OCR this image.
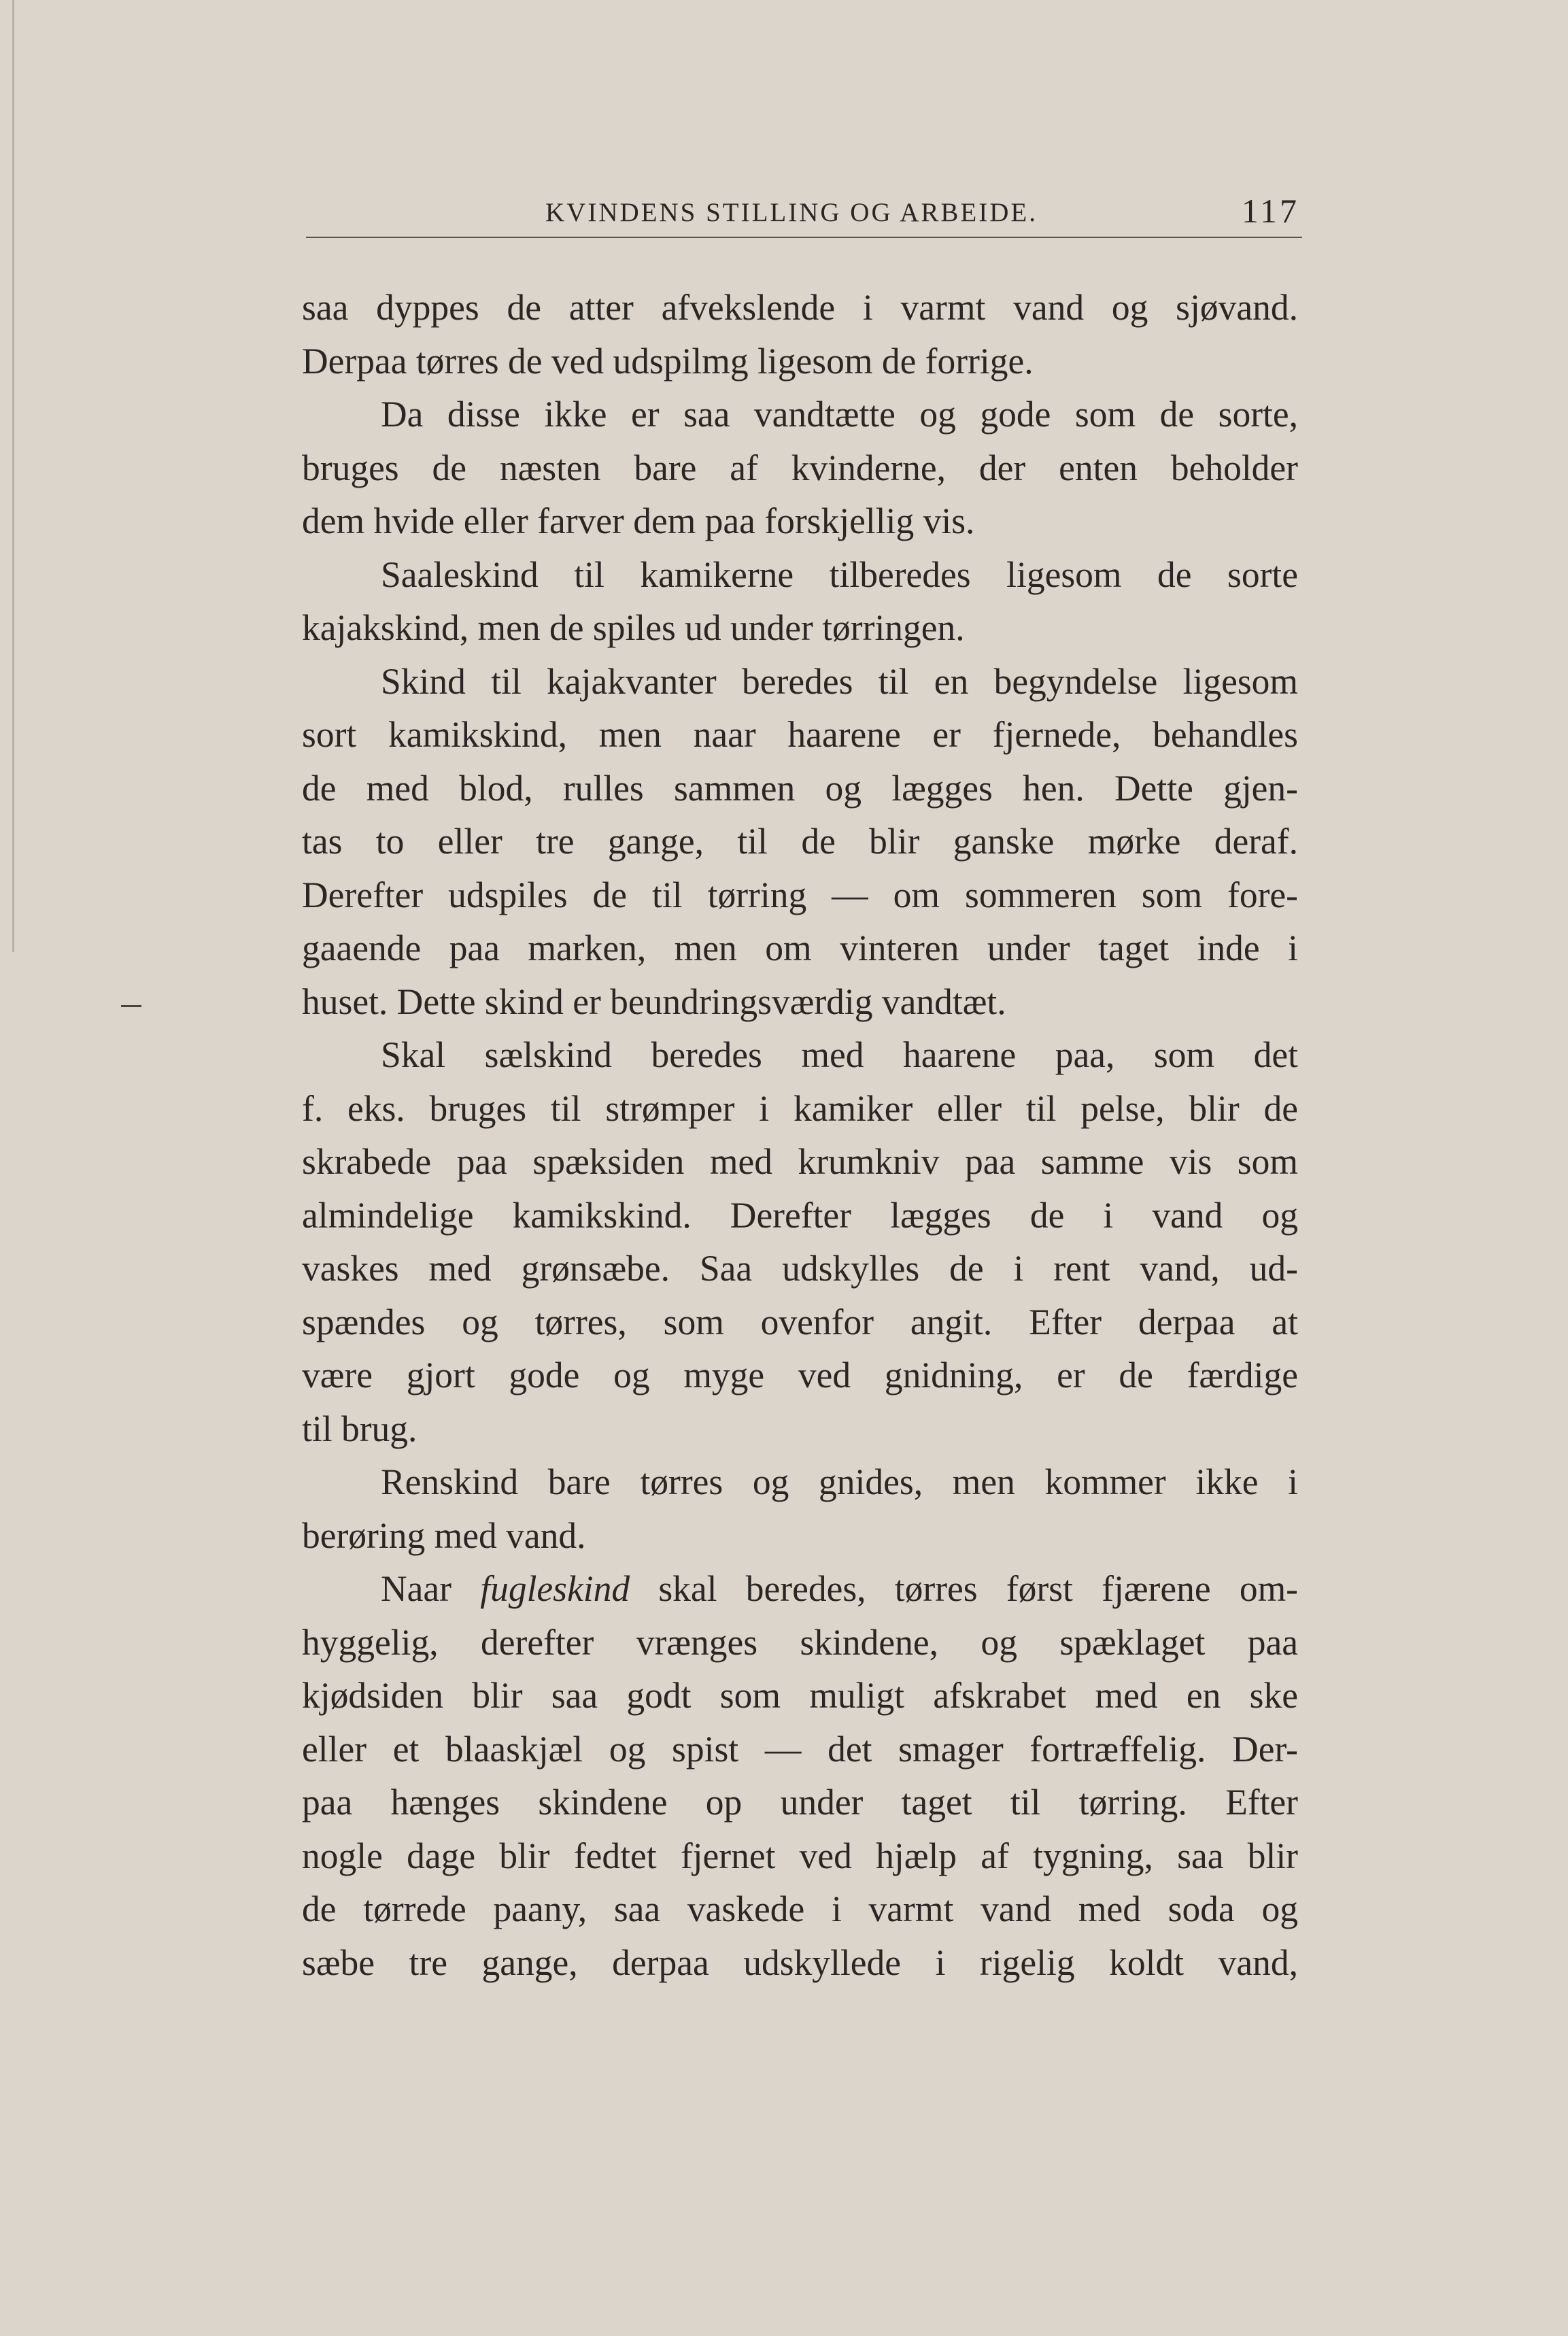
KVINDENS STILLING OG ARBEIDE.	117
saa dyppes de atter afvekslende i varmt vand og sjøvand.
Derpaa tørres de ved udspilmg ligesom de forrige.
Da disse ikke er saa vandtætte og gode som de sorte,
bruges de næsten bare af kvinderne, der enten beholder
dem hvide eller farver dem paa forskjellig vis.
Saaleskind til kamikerne tilberedes ligesom de sorte
kajakskind, men de spiles ud under tørringen.
Skind til kajakvanter beredes til en begyndelse ligesom
sort kamikskind, men naar haarene er fjernede, behandles
de med blod, rulles sammen og lægges hen. Dette gjen-
tas to eller tre gange, til de blir ganske mørke deraf.
Derefter udspiles de til tørring — om sommeren som fore-
gaaende paa marken, men om vinteren under taget inde i
huset. Dette skind er beundringsværdig vandtæt.
Skal sælskind beredes med haarene paa, som det
f. eks. bruges til strømper i kamiker eller til pelse, blir de
skrabede paa spæksiden med krumkniv paa samme vis som
almindelige kamikskind. Derefter lægges de i vand og
vaskes med grønsæbe. Saa udskylles de i rent vand, ud-
spændes og tørres, som ovenfor angit. Efter derpaa at
være gjort gode og myge ved gnidning, er de færdige
til brug.
Renskind bare tørres og gnides, men kommer ikke i
berøring med vand.
Naar fugleskind skal beredes, tørres først fjærene om-
hyggelig, derefter vrænges skindene, og spæklaget paa
kjødsiden blir saa godt som muligt afskrabet med en ske
eller et blaaskjæl og spist — det smager fortræffelig. Der-
paa hænges skindene op under taget til tørring. Efter
nogle dage blir fedtet fjernet ved hjælp af tygning, saa blir
de tørrede paany, saa vaskede i varmt vand med soda og
sæbe tre gange, derpaa udskyllede i rigelig koldt vand,
